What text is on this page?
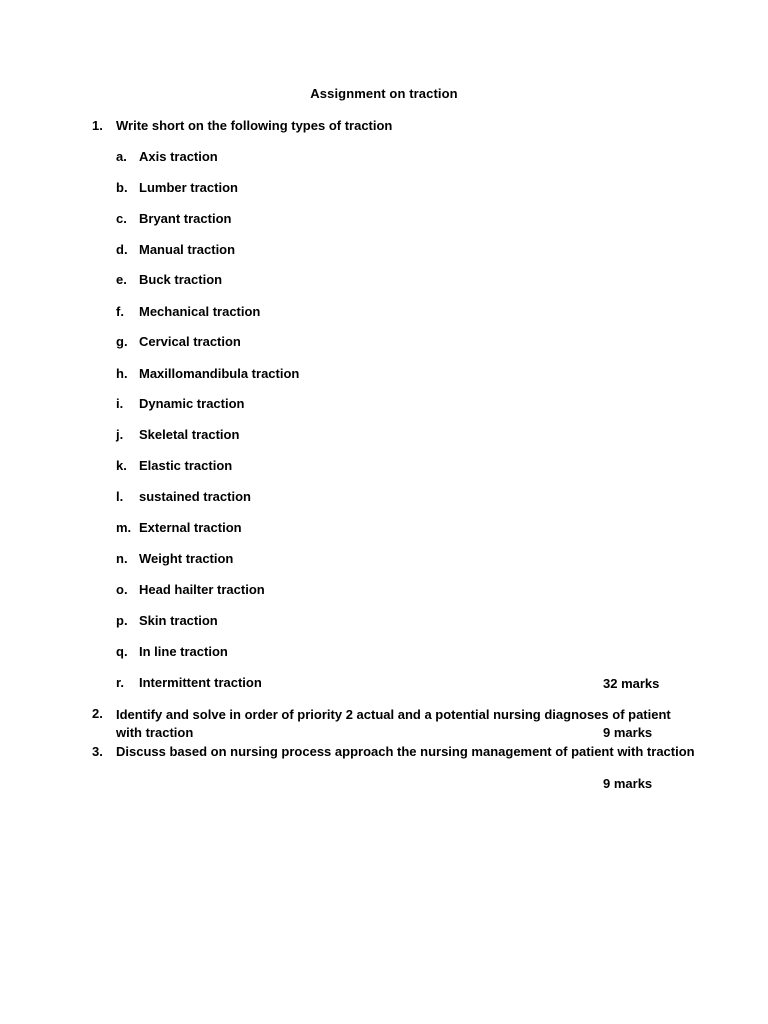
Assignment on traction
1.	Write short on the following types of traction
a. Axis traction
b. Lumber traction
c. Bryant traction
d. Manual traction
e. Buck traction
f.	Mechanical traction
g. Cervical traction
h. Maxillomandibula traction
i.	Dynamic traction
j.	Skeletal traction
k. Elastic traction
l.	sustained traction
m. External traction
n. Weight traction
o. Head hailter traction
p. Skin traction
q. In line traction
r.	Intermittent traction	32 marks
2.	Identify and solve in order of priority 2 actual and a potential nursing diagnoses of patient with traction	9 marks
3.	Discuss based on nursing process approach the nursing management of patient with traction
9 marks
